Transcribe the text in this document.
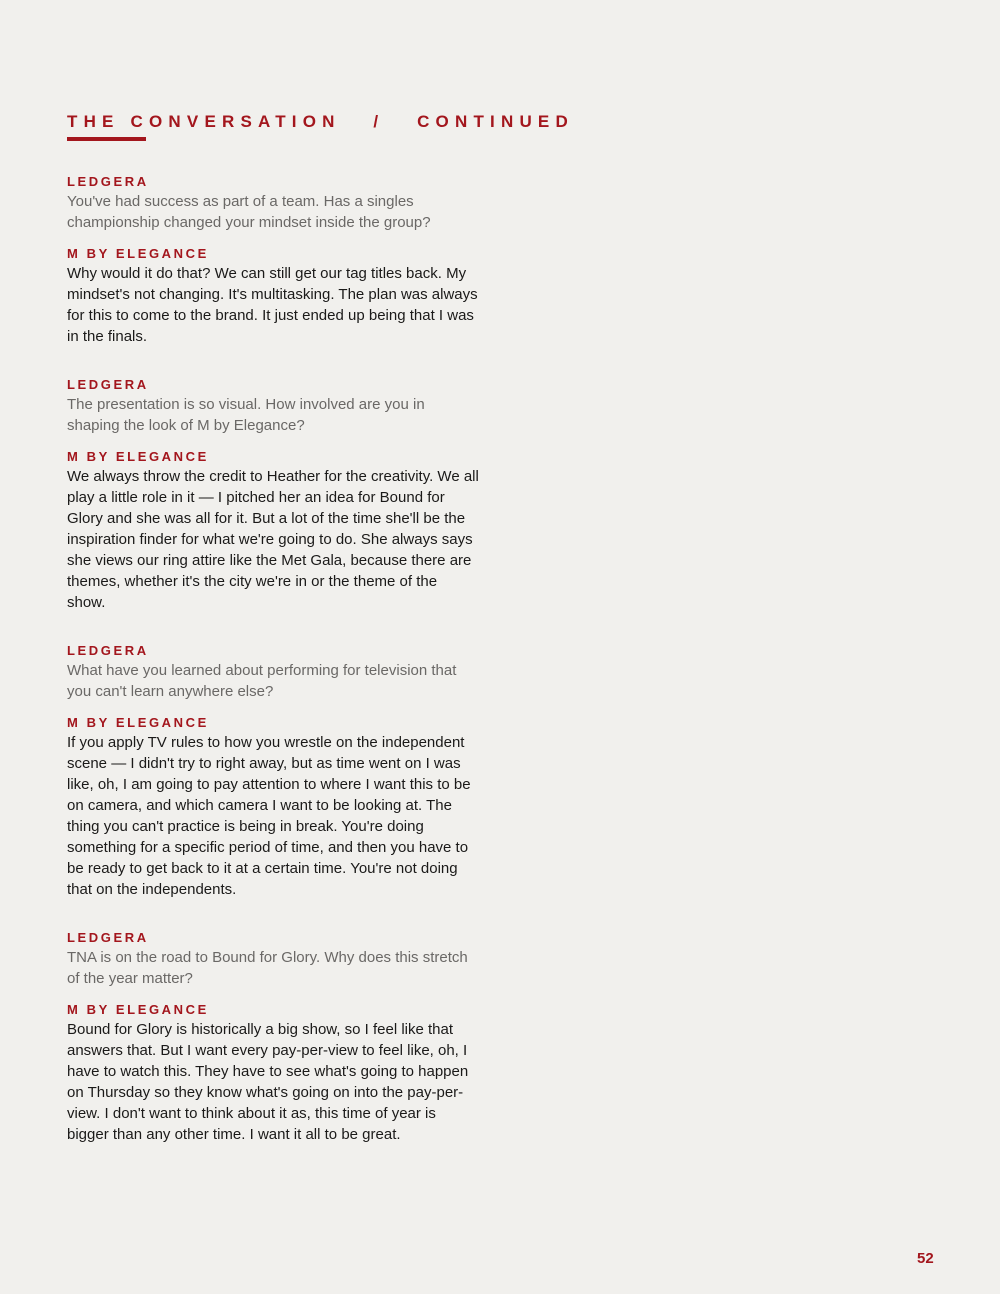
THE CONVERSATION   /   CONTINUED

LEDGERA

You've had success as part of a team. Has a singles championship changed your mindset inside the group?

M BY ELEGANCE

Why would it do that? We can still get our tag titles back. My mindset's not changing. It's multitasking. The plan was always for this to come to the brand. It just ended up being that I was in the finals.

LEDGERA

The presentation is so visual. How involved are you in shaping the look of M by Elegance?

M BY ELEGANCE

We always throw the credit to Heather for the creativity. We all play a little role in it — I pitched her an idea for Bound for Glory and she was all for it. But a lot of the time she'll be the inspiration finder for what we're going to do. She always says she views our ring attire like the Met Gala, because there are themes, whether it's the city we're in or the theme of the show.

LEDGERA

What have you learned about performing for television that you can't learn anywhere else?

M BY ELEGANCE

If you apply TV rules to how you wrestle on the independent scene — I didn't try to right away, but as time went on I was like, oh, I am going to pay attention to where I want this to be on camera, and which camera I want to be looking at. The thing you can't practice is being in break. You're doing something for a specific period of time, and then you have to be ready to get back to it at a certain time. You're not doing that on the independents.

LEDGERA

TNA is on the road to Bound for Glory. Why does this stretch of the year matter?

M BY ELEGANCE

Bound for Glory is historically a big show, so I feel like that answers that. But I want every pay-per-view to feel like, oh, I have to watch this. They have to see what's going to happen on Thursday so they know what's going on into the pay-per-view. I don't want to think about it as, this time of year is bigger than any other time. I want it all to be great.

52
